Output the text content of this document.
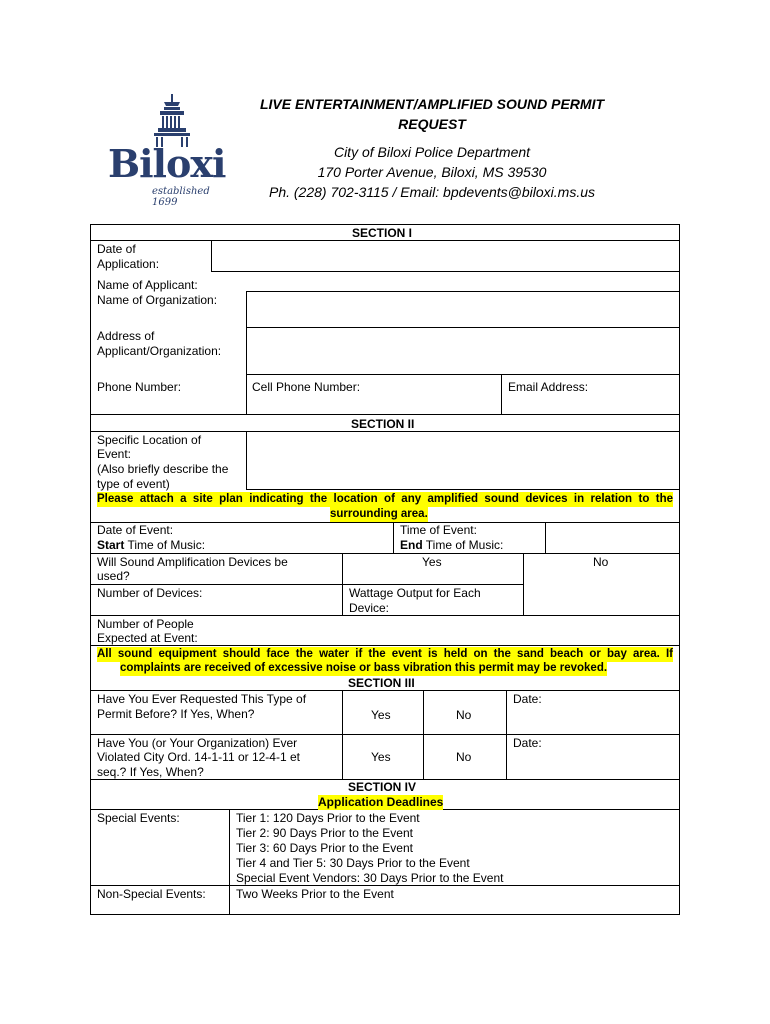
Biloxi
established 1699
LIVE ENTERTAINMENT/AMPLIFIED SOUND PERMIT
REQUEST
City of Biloxi Police Department
170 Porter Avenue, Biloxi, MS 39530
Ph. (228) 702-3115 / Email: bpdevents@biloxi.ms.us
SECTION I
Date of
Application:
Name of Applicant:
Name of Organization:
Address of
Applicant/Organization:
Phone Number:	Cell Phone Number:	Email Address:
SECTION II
Specific Location of
Event:
(Also briefly describe the
type of event)
Please attach a site plan indicating the location of any amplified sound devices in relation to the
surrounding area.
Date of Event:	Time of Event:
Start Time of Music:	End Time of Music:
Will Sound Amplification Devices be
used?
Yes	No
Number of Devices:	Wattage Output for Each
Device:
Number of People
Expected at Event:
All sound equipment should face the water if the event is held on the sand beach or bay area. If
complaints are received of excessive noise or bass vibration this permit may be revoked.
SECTION III
Have You Ever Requested This Type of
Permit Before? If Yes, When?	Yes	No
Date:
Have You (or Your Organization) Ever
Violated City Ord. 14-1-11 or 12-4-1 et
seq.? If Yes, When?
Yes	No
Date:
SECTION IV
Application Deadlines
Special Events:	Tier 1: 120 Days Prior to the Event
Tier 2: 90 Days Prior to the Event
Tier 3: 60 Days Prior to the Event
Tier 4 and Tier 5: 30 Days Prior to the Event
Special Event Vendors: 30 Days Prior to the Event
Non-Special Events:	Two Weeks Prior to the Event
